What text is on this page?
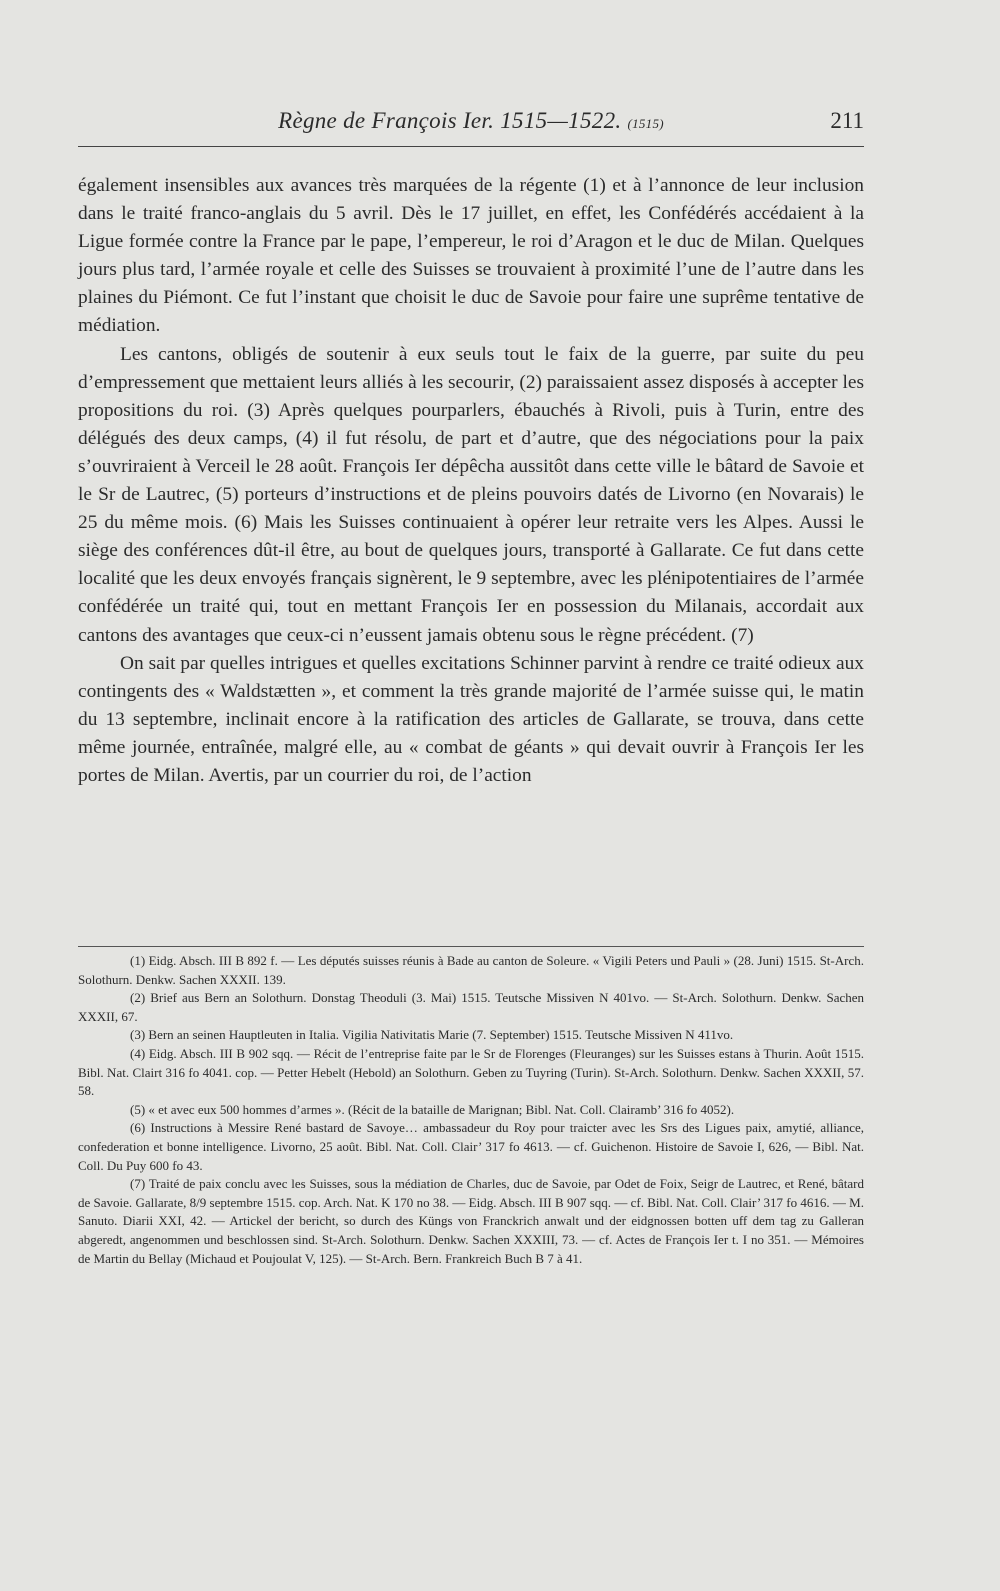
Règne de François Ier. 1515—1522. (1515)	211

également insensibles aux avances très marquées de la régente (1) et à l’annonce de leur inclusion dans le traité franco-anglais du 5 avril. Dès le 17 juillet, en effet, les Confédérés accédaient à la Ligue formée contre la France par le pape, l’empereur, le roi d’Aragon et le duc de Milan. Quelques jours plus tard, l’armée royale et celle des Suisses se trouvaient à proximité l’une de l’autre dans les plaines du Piémont. Ce fut l’instant que choisit le duc de Savoie pour faire une suprême tentative de médiation.

Les cantons, obligés de soutenir à eux seuls tout le faix de la guerre, par suite du peu d’empressement que mettaient leurs alliés à les secourir, (2) paraissaient assez disposés à accepter les propositions du roi. (3) Après quelques pourparlers, ébauchés à Rivoli, puis à Turin, entre des délégués des deux camps, (4) il fut résolu, de part et d’autre, que des négociations pour la paix s’ouvriraient à Verceil le 28 août. François Ier dépêcha aussitôt dans cette ville le bâtard de Savoie et le Sr de Lautrec, (5) porteurs d’instructions et de pleins pouvoirs datés de Livorno (en Novarais) le 25 du même mois. (6) Mais les Suisses continuaient à opérer leur retraite vers les Alpes. Aussi le siège des conférences dût-il être, au bout de quelques jours, transporté à Gallarate. Ce fut dans cette localité que les deux envoyés français signèrent, le 9 septembre, avec les plénipotentiaires de l’armée confédérée un traité qui, tout en mettant François Ier en possession du Milanais, accordait aux cantons des avantages que ceux-ci n’eussent jamais obtenu sous le règne précédent. (7)

On sait par quelles intrigues et quelles excitations Schinner parvint à rendre ce traité odieux aux contingents des « Waldstætten », et comment la très grande majorité de l’armée suisse qui, le matin du 13 septembre, inclinait encore à la ratification des articles de Gallarate, se trouva, dans cette même journée, entraînée, malgré elle, au « combat de géants » qui devait ouvrir à François Ier les portes de Milan. Avertis, par un courrier du roi, de l’action

(1) Eidg. Absch. III B 892 f. — Les députés suisses réunis à Bade au canton de Soleure. « Vigili Peters und Pauli » (28. Juni) 1515. St-Arch. Solothurn. Denkw. Sachen XXXII. 139.

(2) Brief aus Bern an Solothurn. Donstag Theoduli (3. Mai) 1515. Teutsche Missiven N 401vo. — St-Arch. Solothurn. Denkw. Sachen XXXII, 67.

(3) Bern an seinen Hauptleuten in Italia. Vigilia Nativitatis Marie (7. September) 1515. Teutsche Missiven N 411vo.

(4) Eidg. Absch. III B 902 sqq. — Récit de l’entreprise faite par le Sr de Florenges (Fleuranges) sur les Suisses estans à Thurin. Août 1515. Bibl. Nat. Clairt 316 fo 4041. cop. — Petter Hebelt (Hebold) an Solothurn. Geben zu Tuyring (Turin). St-Arch. Solothurn. Denkw. Sachen XXXII, 57. 58.

(5) « et avec eux 500 hommes d’armes ». (Récit de la bataille de Marignan; Bibl. Nat. Coll. Clairamb’ 316 fo 4052).

(6) Instructions à Messire René bastard de Savoye… ambassadeur du Roy pour traicter avec les Srs des Ligues paix, amytié, alliance, confederation et bonne intelligence. Livorno, 25 août. Bibl. Nat. Coll. Clair’ 317 fo 4613. — cf. Guichenon. Histoire de Savoie I, 626, — Bibl. Nat. Coll. Du Puy 600 fo 43.

(7) Traité de paix conclu avec les Suisses, sous la médiation de Charles, duc de Savoie, par Odet de Foix, Seigr de Lautrec, et René, bâtard de Savoie. Gallarate, 8/9 septembre 1515. cop. Arch. Nat. K 170 no 38. — Eidg. Absch. III B 907 sqq. — cf. Bibl. Nat. Coll. Clair’ 317 fo 4616. — M. Sanuto. Diarii XXI, 42. — Artickel der bericht, so durch des Küngs von Franckrich anwalt und der eidgnossen botten uff dem tag zu Galleran abgeredt, angenommen und beschlossen sind. St-Arch. Solothurn. Denkw. Sachen XXXIII, 73. — cf. Actes de François Ier t. I no 351. — Mémoires de Martin du Bellay (Michaud et Poujoulat V, 125). — St-Arch. Bern. Frankreich Buch B 7 à 41.
